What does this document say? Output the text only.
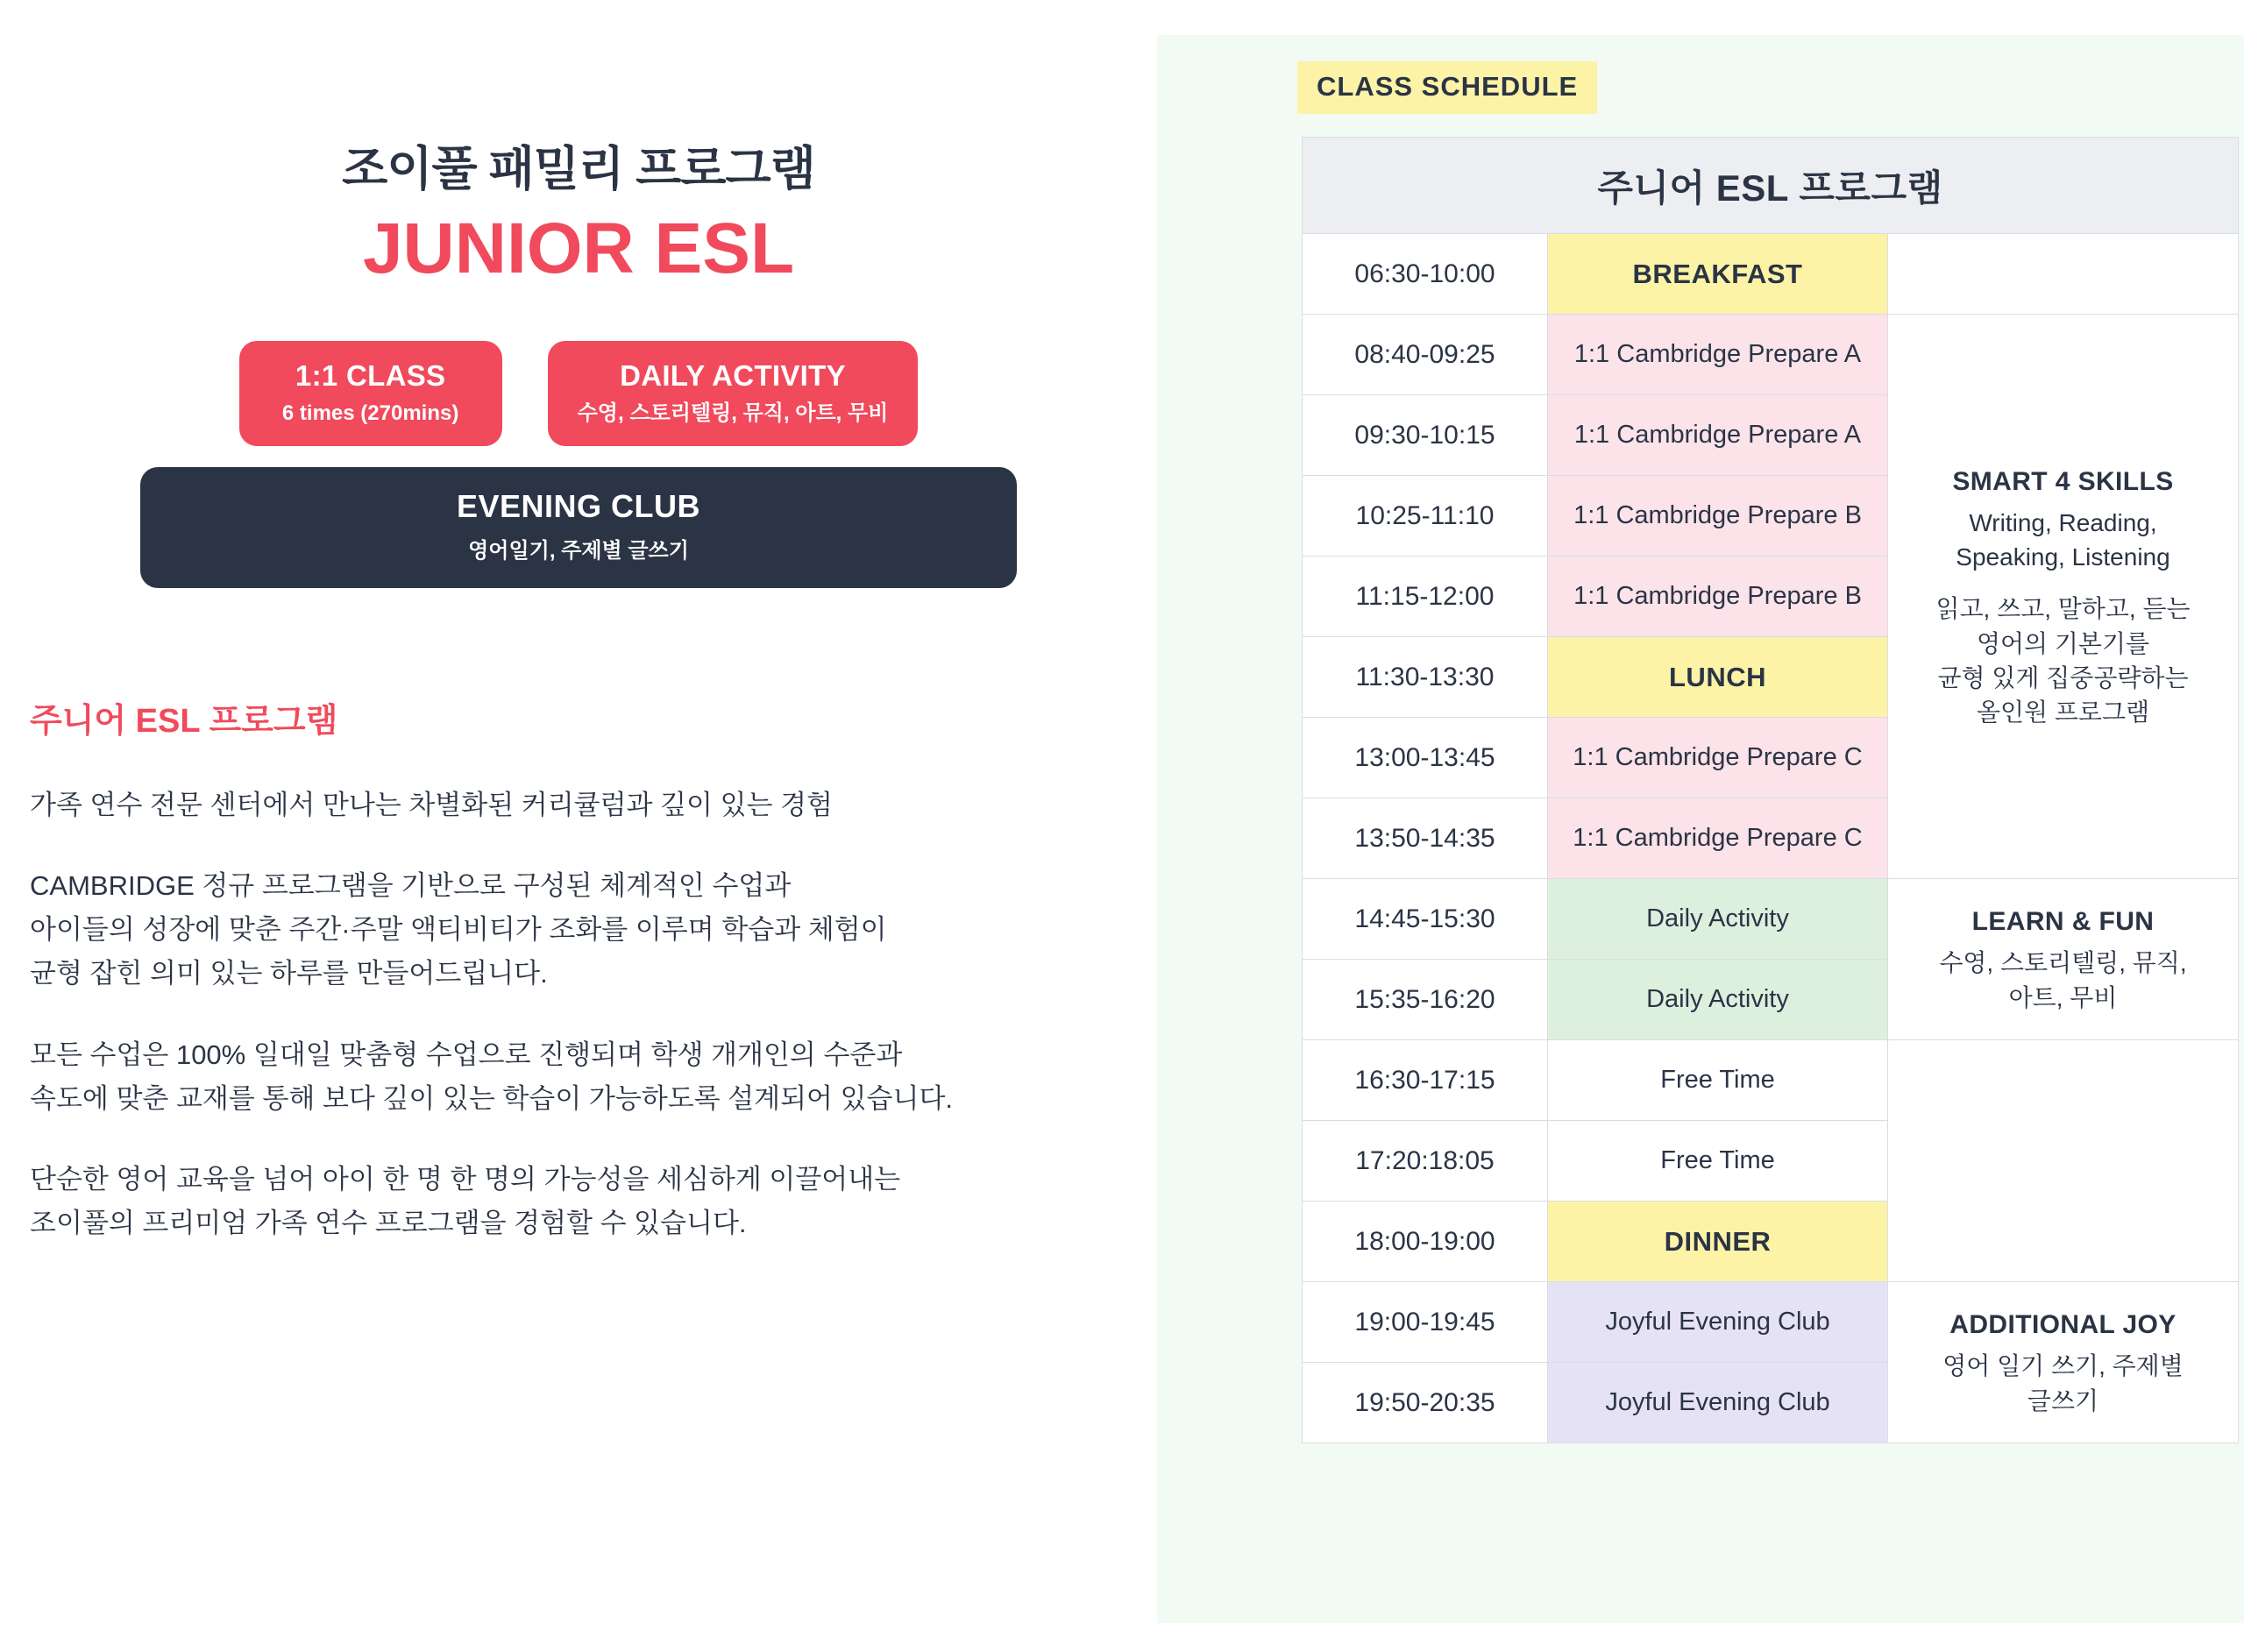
조이풀 패밀리 프로그램
JUNIOR ESL
1:1 CLASS
6 times (270mins)
DAILY ACTIVITY
수영, 스토리텔링, 뮤직, 아트, 무비
EVENING CLUB
영어일기, 주제별 글쓰기
주니어 ESL 프로그램

가족 연수 전문 센터에서 만나는 차별화된 커리큘럼과 깊이 있는 경험

CAMBRIDGE 정규 프로그램을 기반으로 구성된 체계적인 수업과
아이들의 성장에 맞춘 주간·주말 액티비티가 조화를 이루며 학습과 체험이
균형 잡힌 의미 있는 하루를 만들어드립니다.

모든 수업은 100% 일대일 맞춤형 수업으로 진행되며 학생 개개인의 수준과
속도에 맞춘 교재를 통해 보다 깊이 있는 학습이 가능하도록 설계되어 있습니다.

단순한 영어 교육을 넘어 아이 한 명 한 명의 가능성을 세심하게 이끌어내는
조이풀의 프리미엄 가족 연수 프로그램을 경험할 수 있습니다.

CLASS SCHEDULE
주니어 ESL 프로그램		
06:30-10:00	BREAKFAST	
08:40-09:25	1:1 Cambridge Prepare A	
SMART 4 SKILLS
Writing, Reading,
Speaking, Listening
읽고, 쓰고, 말하고, 듣는
영어의 기본기를
균형 있게 집중공략하는
올인원 프로그램

09:30-10:15	1:1 Cambridge Prepare A	
10:25-11:10	1:1 Cambridge Prepare B	
11:15-12:00	1:1 Cambridge Prepare B	
11:30-13:30	LUNCH	
13:00-13:45	1:1 Cambridge Prepare C	
13:50-14:35	1:1 Cambridge Prepare C	
14:45-15:30	Daily Activity	LEARN & FUN
수영, 스토리텔링, 뮤직,
아트, 무비

15:35-16:20	Daily Activity	
16:30-17:15	Free Time	
17:20:18:05	Free Time	
18:00-19:00	DINNER	
19:00-19:45	Joyful Evening Club	ADDITIONAL JOY
영어 일기 쓰기, 주제별
글쓰기

19:50-20:35	Joyful Evening Club	
